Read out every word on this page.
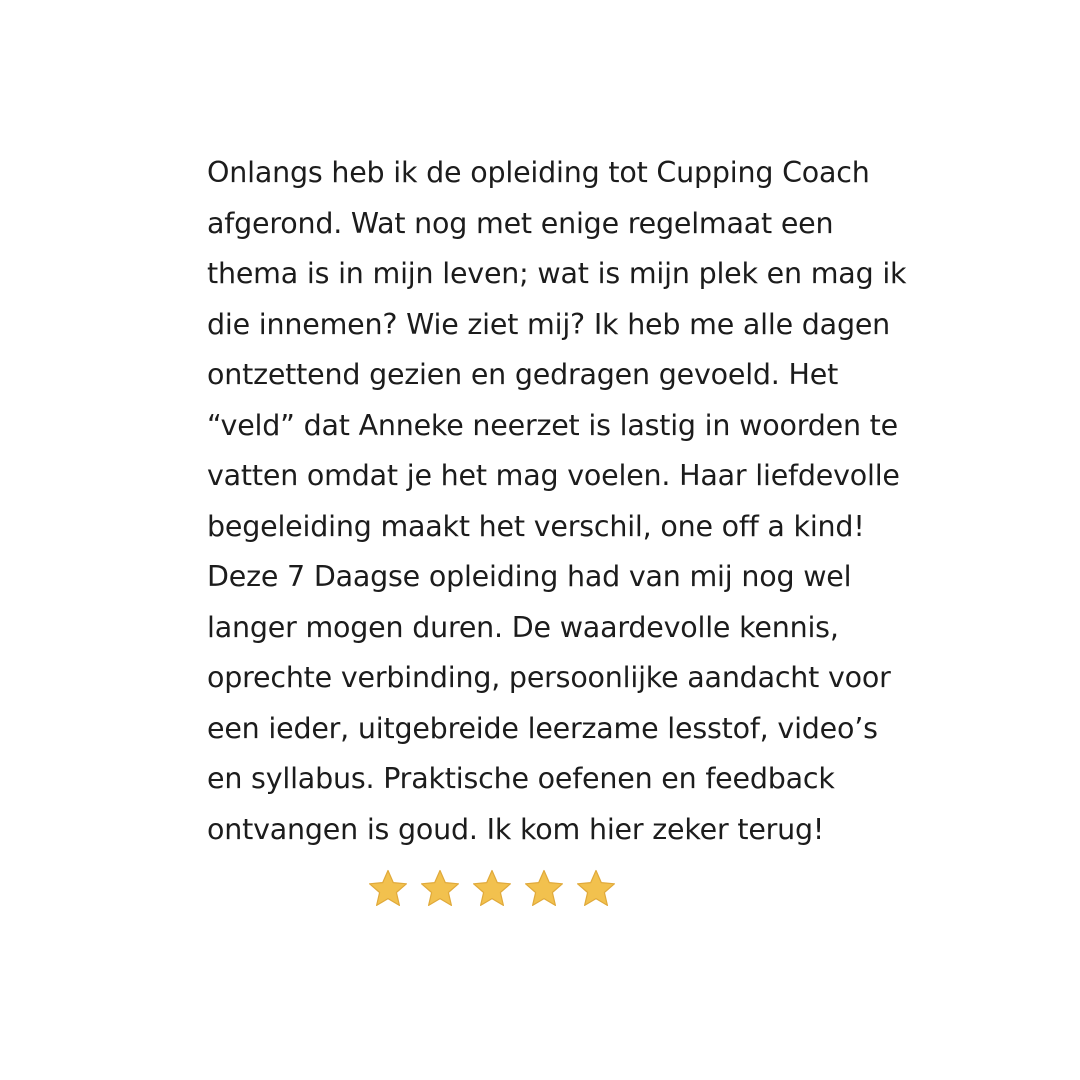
Onlangs heb ik de opleiding tot Cupping Coach
afgerond. Wat nog met enige regelmaat een
thema is in mijn leven; wat is mijn plek en mag ik
die innemen? Wie ziet mij? Ik heb me alle dagen
ontzettend gezien en gedragen gevoeld. Het
“veld” dat Anneke neerzet is lastig in woorden te
vatten omdat je het mag voelen. Haar liefdevolle
begeleiding maakt het verschil, one off a kind!
Deze 7 Daagse opleiding had van mij nog wel
langer mogen duren. De waardevolle kennis,
oprechte verbinding, persoonlijke aandacht voor
een ieder, uitgebreide leerzame lesstof, video’s
en syllabus. Praktische oefenen en feedback
ontvangen is goud. Ik kom hier zeker terug!
